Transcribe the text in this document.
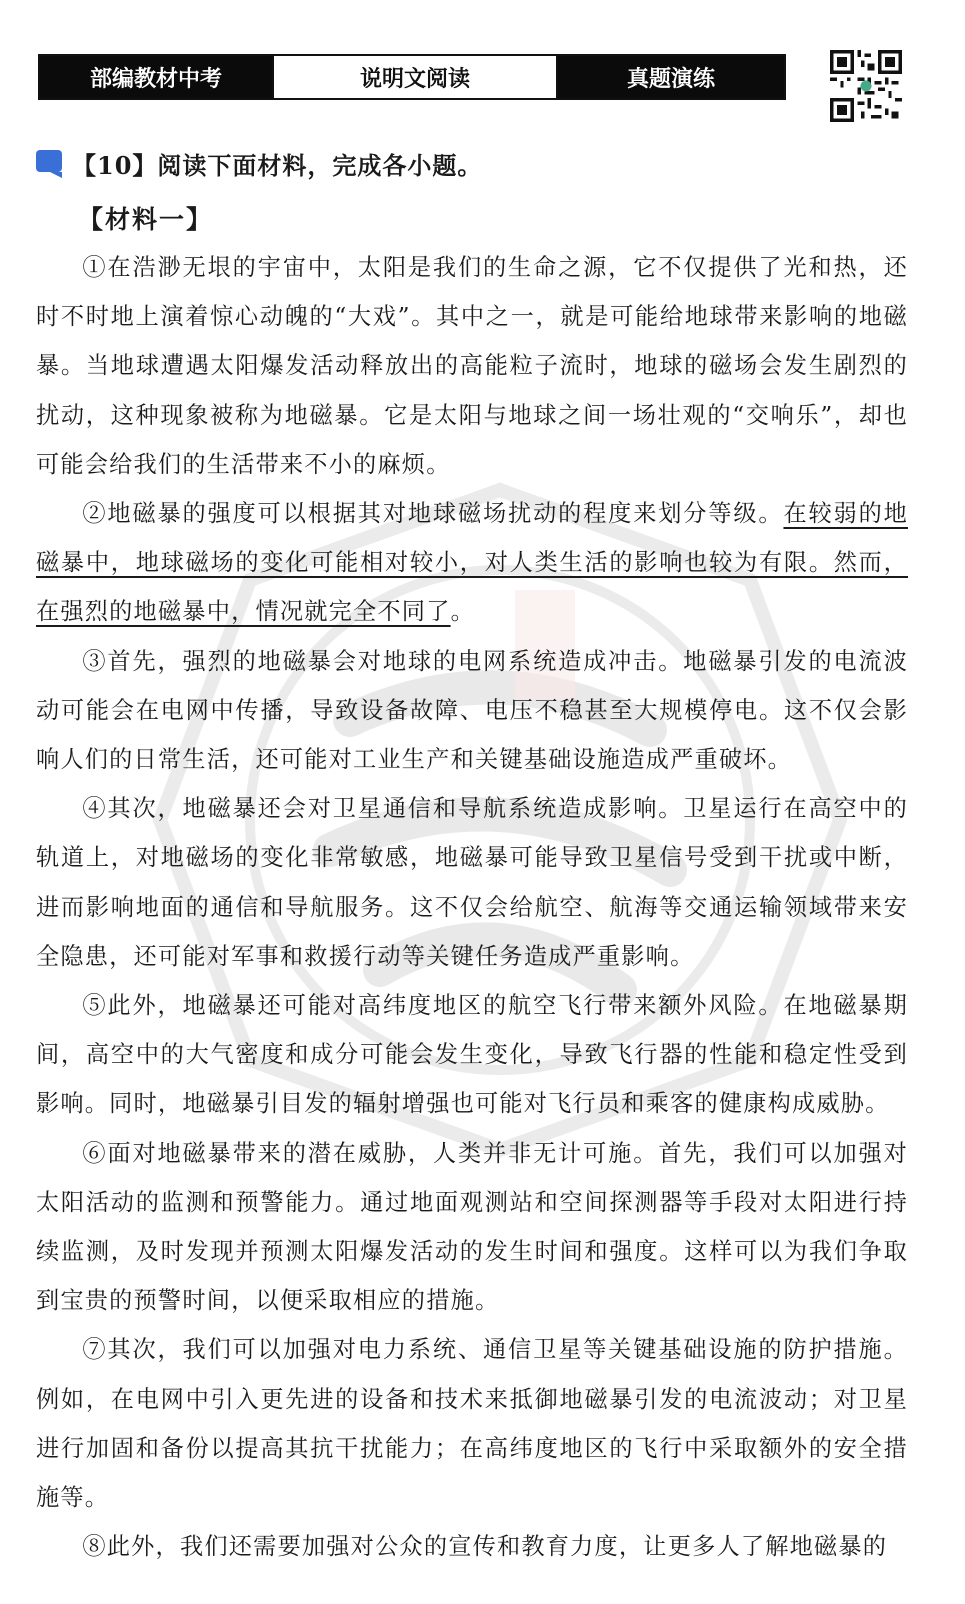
部编教材中考	说明文阅读	真题演练
【10】阅读下面材料，完成各小题。
【材料一】

①在浩渺无垠的宇宙中，太阳是我们的生命之源，它不仅提供了光和热，还时不时地上演着惊心动魄的“大戏”。其中之一，就是可能给地球带来影响的地磁暴。当地球遭遇太阳爆发活动释放出的高能粒子流时，地球的磁场会发生剧烈的扰动，这种现象被称为地磁暴。它是太阳与地球之间一场壮观的“交响乐”，却也可能会给我们的生活带来不小的麻烦。

②地磁暴的强度可以根据其对地球磁场扰动的程度来划分等级。在较弱的地磁暴中，地球磁场的变化可能相对较小，对人类生活的影响也较为有限。然而，在强烈的地磁暴中，情况就完全不同了。

③首先，强烈的地磁暴会对地球的电网系统造成冲击。地磁暴引发的电流波动可能会在电网中传播，导致设备故障、电压不稳甚至大规模停电。这不仅会影响人们的日常生活，还可能对工业生产和关键基础设施造成严重破坏。

④其次，地磁暴还会对卫星通信和导航系统造成影响。卫星运行在高空中的轨道上，对地磁场的变化非常敏感，地磁暴可能导致卫星信号受到干扰或中断，进而影响地面的通信和导航服务。这不仅会给航空、航海等交通运输领域带来安全隐患，还可能对军事和救援行动等关键任务造成严重影响。

⑤此外，地磁暴还可能对高纬度地区的航空飞行带来额外风险。在地磁暴期间，高空中的大气密度和成分可能会发生变化，导致飞行器的性能和稳定性受到影响。同时，地磁暴引目发的辐射增强也可能对飞行员和乘客的健康构成威胁。

⑥面对地磁暴带来的潜在威胁，人类并非无计可施。首先，我们可以加强对太阳活动的监测和预警能力。通过地面观测站和空间探测器等手段对太阳进行持续监测，及时发现并预测太阳爆发活动的发生时间和强度。这样可以为我们争取到宝贵的预警时间，以便采取相应的措施。

⑦其次，我们可以加强对电力系统、通信卫星等关键基础设施的防护措施。例如，在电网中引入更先进的设备和技术来抵御地磁暴引发的电流波动；对卫星进行加固和备份以提高其抗干扰能力；在高纬度地区的飞行中采取额外的安全措施等。

⑧此外，我们还需要加强对公众的宣传和教育力度，让更多人了解地磁暴的
